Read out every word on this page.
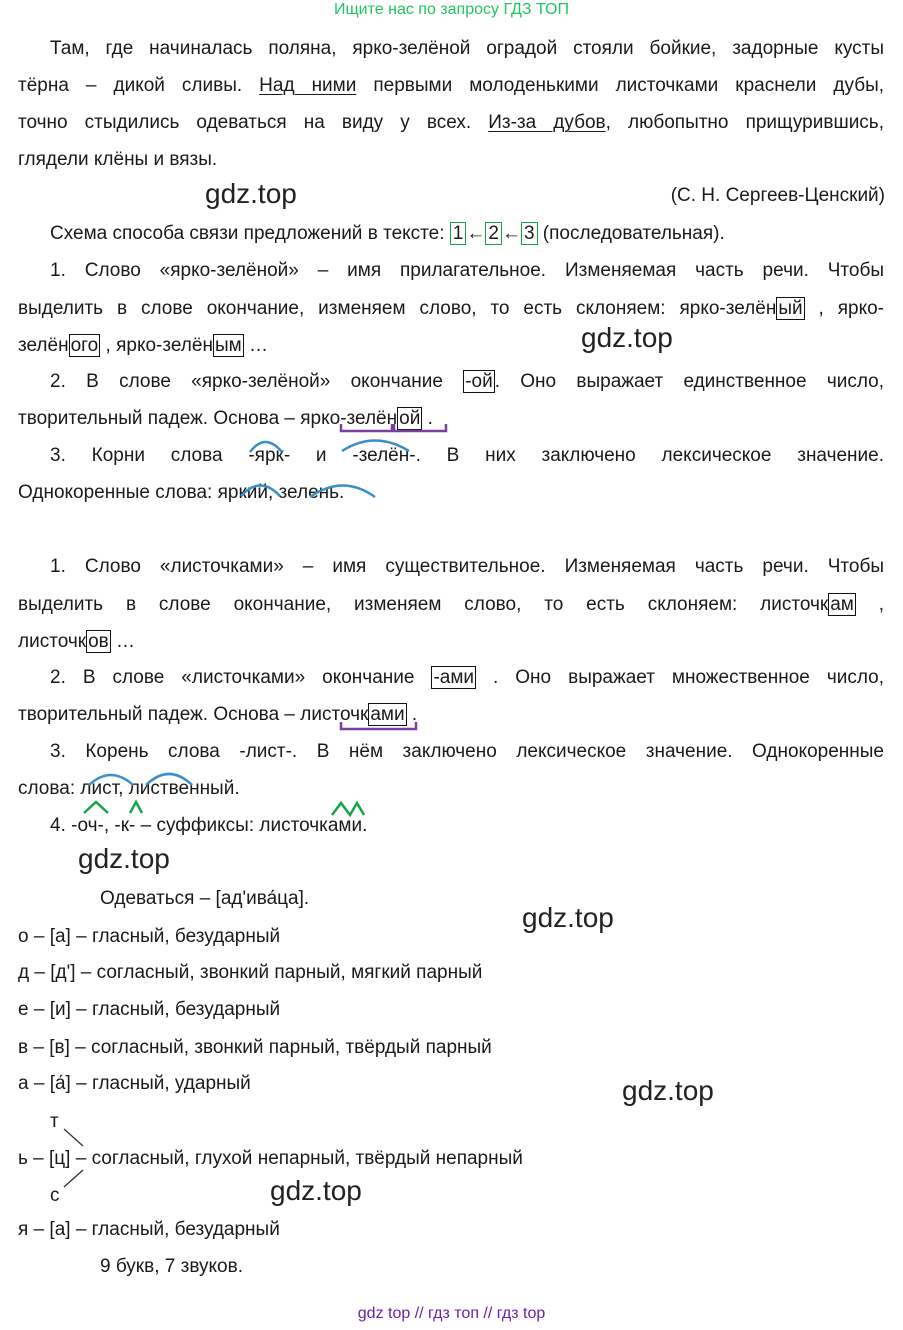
Ищите нас по запросу ГДЗ ТОП
Там, где начиналась поляна, ярко-зелёной оградой стояли бойкие, задорные кусты
тёрна – дикой сливы. Над ними первыми молоденькими листочками краснели дубы,
точно стыдились одеваться на виду у всех. Из-за дубов, любопытно прищурившись,
глядели клёны и вязы.
gdz.top	(С. Н. Сергеев-Ценский)
Схема способа связи предложений в тексте: 1 ← 2 ← 3 (последовательная).
1. Слово «ярко-зелёной» – имя прилагательное. Изменяемая часть речи. Чтобы
выделить в слове окончание, изменяем слово, то есть склоняем: ярко-зелён ый , ярко-
зелён ого , ярко-зелён ым …	gdz.top
2. В слове «ярко-зелёной» окончание -ой . Оно выражает единственное число,
творительный падеж. Основа – ярко-зелён ой .
3. Корни слова -ярк- и -зелён-. В них заключено лексическое значение.
Однокоренные слова: яркий, зелень.
1. Слово «листочками» – имя существительное. Изменяемая часть речи. Чтобы
выделить в слове окончание, изменяем слово, то есть склоняем: листочк ам ,
листочк ов …
2. В слове «листочками» окончание -ами . Оно выражает множественное число,
творительный падеж. Основа – листочк ами .
3. Корень слова -лист-. В нём заключено лексическое значение. Однокоренные
слова: лист, лиственный.
4. -оч-, -к- – суффиксы: листочками.
gdz.top
Одеваться – [ад'ива́ца].
gdz.top
о – [а] – гласный, безударный
д – [д'] – согласный, звонкий парный, мягкий парный
е – [и] – гласный, безударный
в – [в] – согласный, звонкий парный, твёрдый парный
а – [а́] – гласный, ударный	gdz.top
т
ь – [ц] – согласный, глухой непарный, твёрдый непарный
с	gdz.top
я – [а] – гласный, безударный
9 букв, 7 звуков.
gdz top // гдз топ // гдз top
